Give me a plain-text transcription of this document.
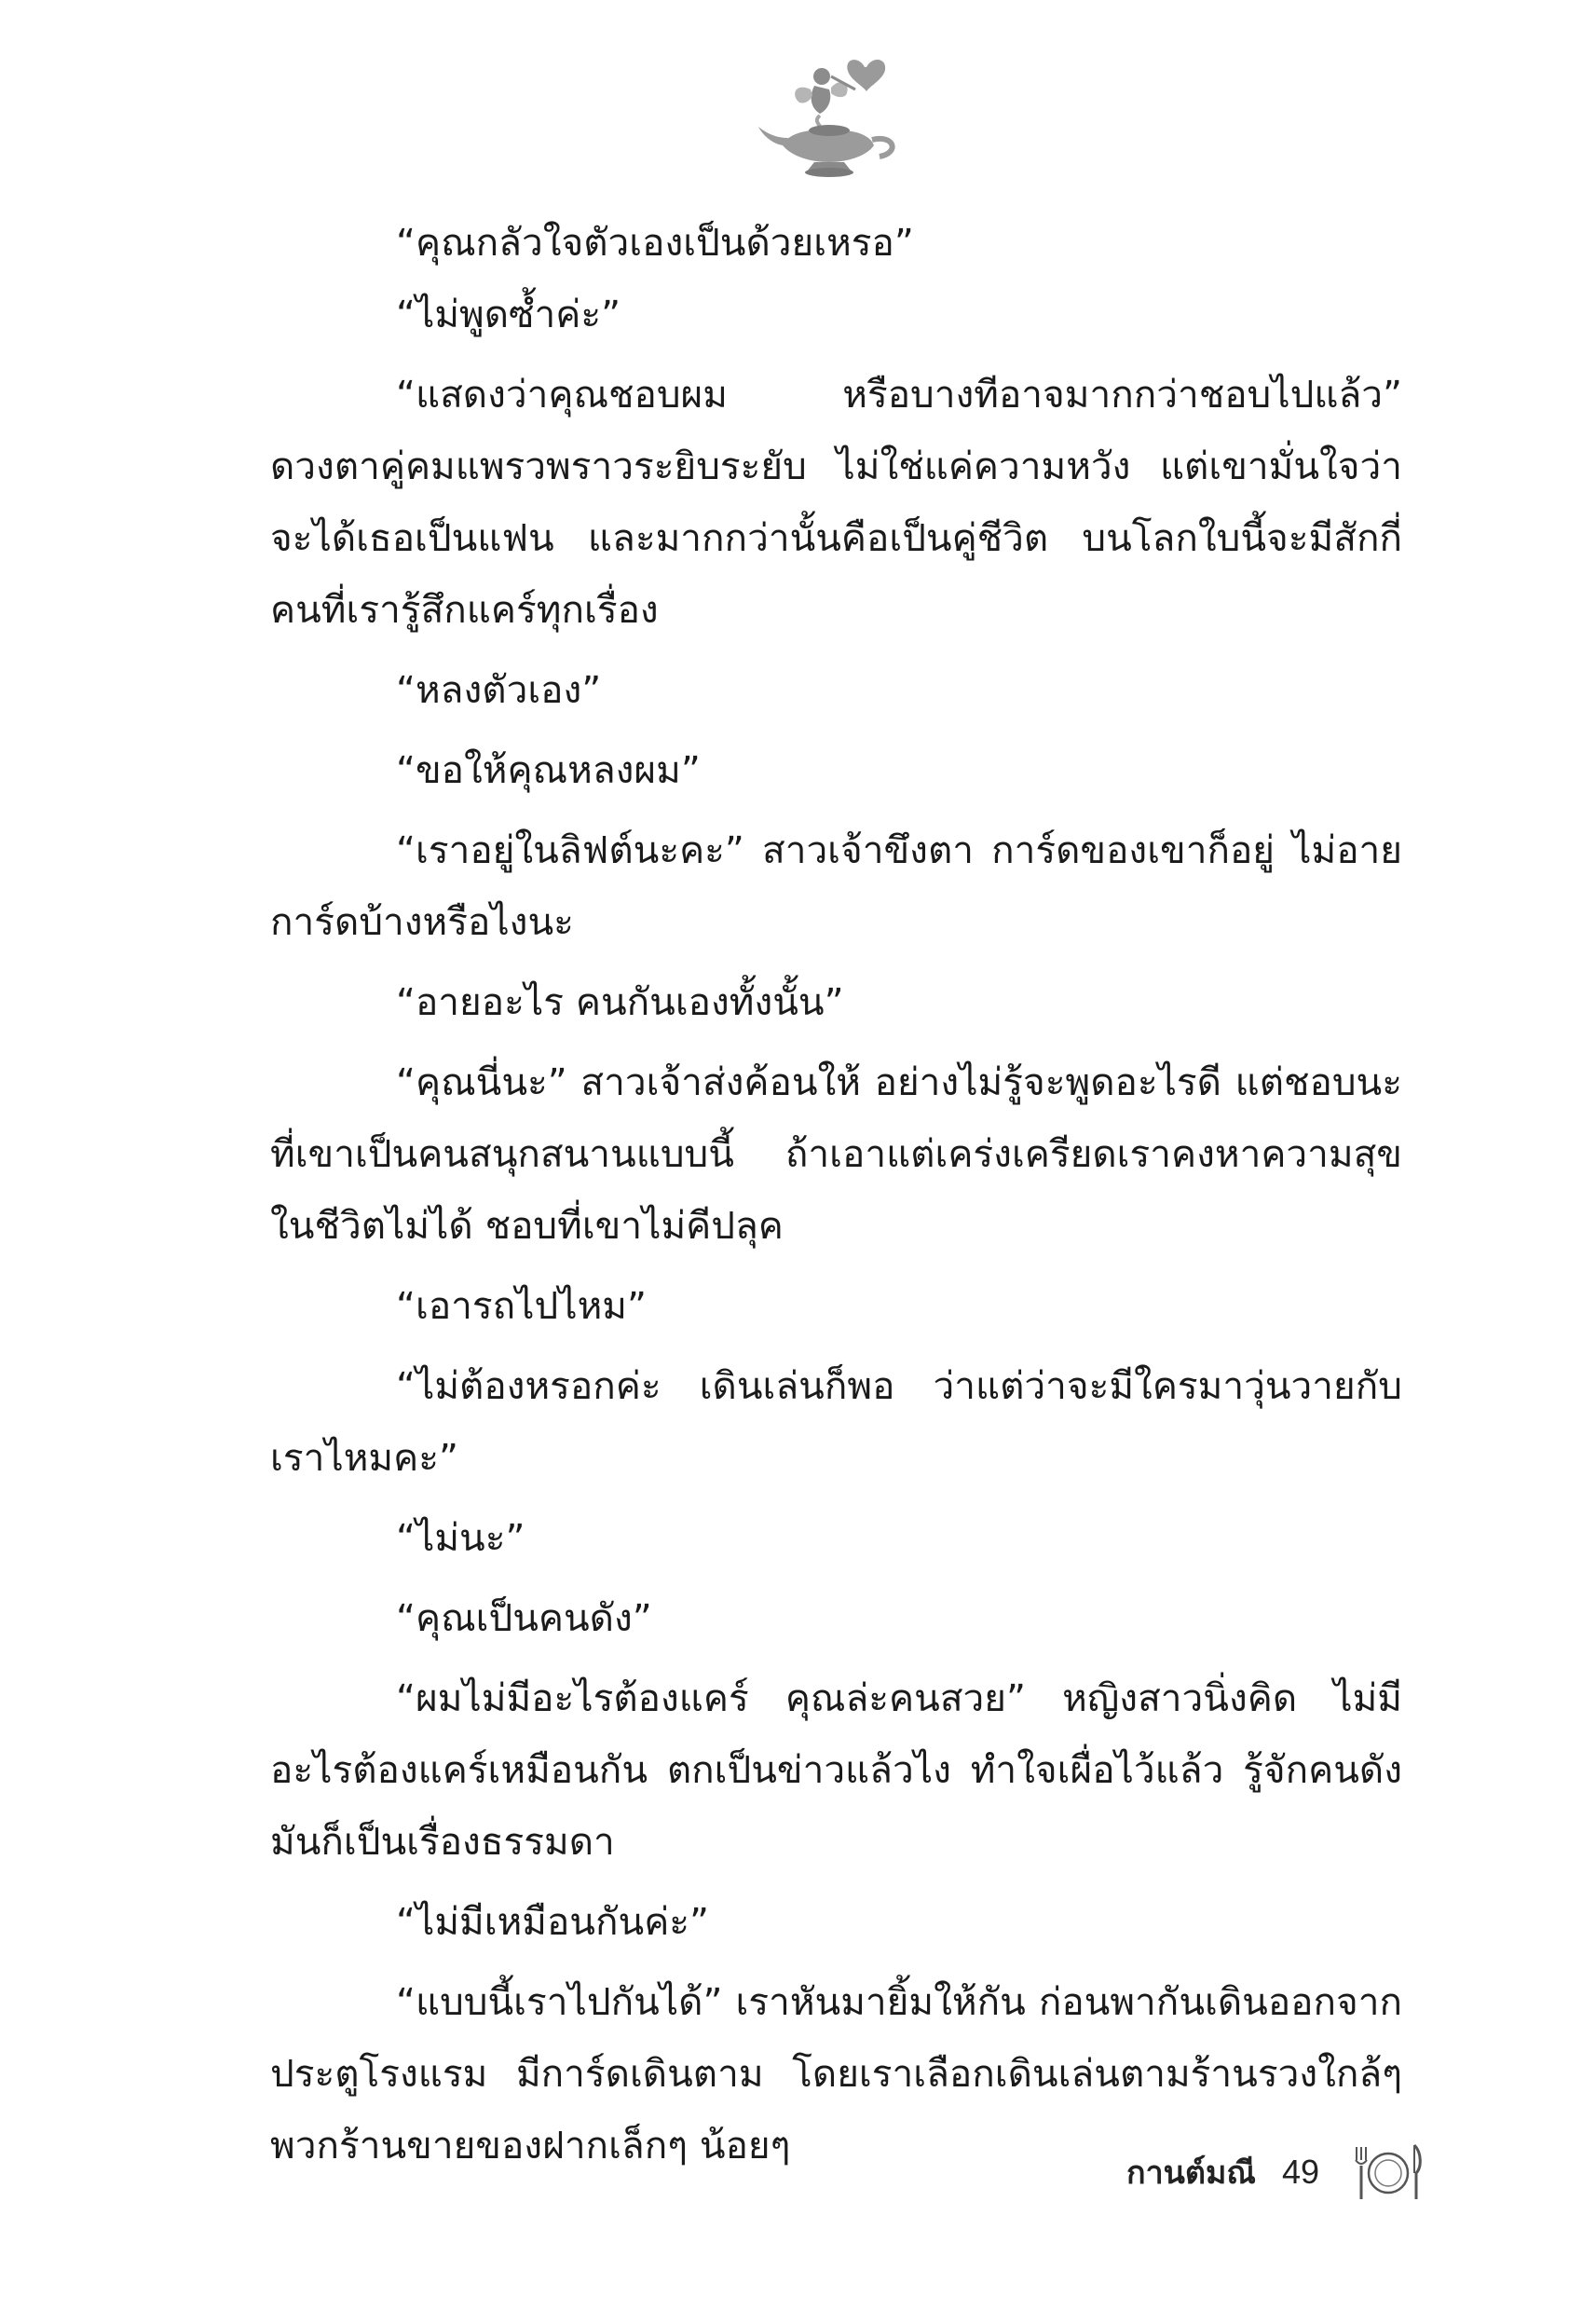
“คุณกลัวใจตัวเองเป็นด้วยเหรอ”

“ไม่พูดซ้ำค่ะ”

“แสดงว่าคุณชอบผม หรือบางทีอาจมากกว่าชอบไปแล้ว” ดวงตาคู่คมแพรวพราวระยิบระยับ ไม่ใช่แค่ความหวัง แต่เขามั่นใจว่าจะได้เธอเป็นแฟน และมากกว่านั้นคือเป็นคู่ชีวิต บนโลกใบนี้จะมีสักกี่คนที่เรารู้สึกแคร์ทุกเรื่อง

“หลงตัวเอง”

“ขอให้คุณหลงผม”

“เราอยู่ในลิฟต์นะคะ” สาวเจ้าขึงตา การ์ดของเขาก็อยู่ ไม่อายการ์ดบ้างหรือไงนะ

“อายอะไร คนกันเองทั้งนั้น”

“คุณนี่นะ” สาวเจ้าส่งค้อนให้ อย่างไม่รู้จะพูดอะไรดี แต่ชอบนะที่เขาเป็นคนสนุกสนานแบบนี้ ถ้าเอาแต่เคร่งเครียดเราคงหาความสุขในชีวิตไม่ได้ ชอบที่เขาไม่คีปลุค

“เอารถไปไหม”

“ไม่ต้องหรอกค่ะ เดินเล่นก็พอ ว่าแต่ว่าจะมีใครมาวุ่นวายกับเราไหมคะ”

“ไม่นะ”

“คุณเป็นคนดัง”

“ผมไม่มีอะไรต้องแคร์ คุณล่ะคนสวย” หญิงสาวนิ่งคิด ไม่มีอะไรต้องแคร์เหมือนกัน ตกเป็นข่าวแล้วไง ทำใจเผื่อไว้แล้ว รู้จักคนดังมันก็เป็นเรื่องธรรมดา

“ไม่มีเหมือนกันค่ะ”

“แบบนี้เราไปกันได้” เราหันมายิ้มให้กัน ก่อนพากันเดินออกจากประตูโรงแรม มีการ์ดเดินตาม โดยเราเลือกเดินเล่นตามร้านรวงใกล้ๆ พวกร้านขายของฝากเล็กๆ น้อยๆ

กานต์มณี 49
